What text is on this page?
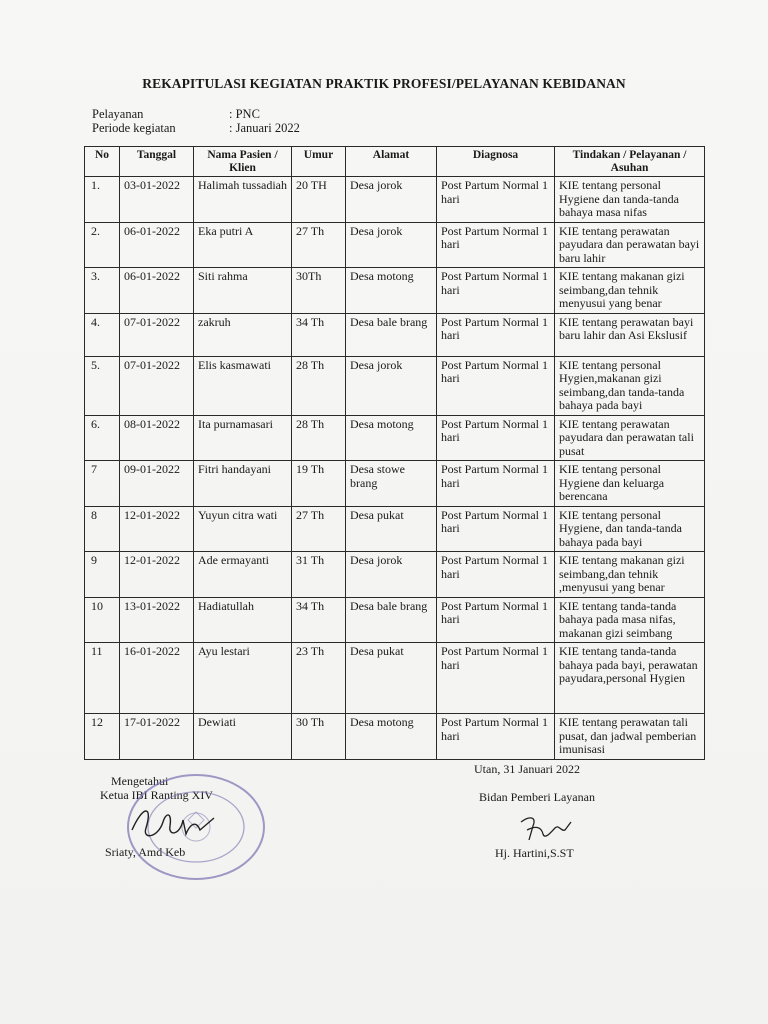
REKAPITULASI KEGIATAN PRAKTIK PROFESI/PELAYANAN KEBIDANAN
Pelayanan	: PNC
Periode kegiatan	: Januari 2022
No	Tanggal	Nama Pasien / Klien	Umur	Alamat	Diagnosa	Tindakan / Pelayanan / Asuhan
1.	03-01-2022	Halimah tussadiah	20 TH	Desa jorok	Post Partum Normal 1 hari	KIE tentang personal Hygiene dan tanda-tanda bahaya masa nifas
2.	06-01-2022	Eka putri A	27 Th	Desa jorok	Post Partum Normal 1 hari	KIE tentang perawatan payudara dan perawatan bayi baru lahir
3.	06-01-2022	Siti rahma	30Th	Desa motong	Post Partum Normal 1 hari	KIE tentang makanan gizi seimbang,dan tehnik menyusui yang benar
4.	07-01-2022	zakruh	34 Th	Desa bale brang	Post Partum Normal 1 hari	KIE tentang perawatan bayi baru lahir dan Asi Ekslusif
5.	07-01-2022	Elis kasmawati	28 Th	Desa jorok	Post Partum Normal 1 hari	KIE tentang personal Hygien,makanan gizi seimbang,dan tanda-tanda bahaya pada bayi
6.	08-01-2022	Ita purnamasari	28 Th	Desa motong	Post Partum Normal 1 hari	KIE tentang perawatan payudara dan perawatan tali pusat
7	09-01-2022	Fitri handayani	19 Th	Desa stowe brang	Post Partum Normal 1 hari	KIE tentang personal Hygiene dan keluarga berencana
8	12-01-2022	Yuyun citra wati	27 Th	Desa pukat	Post Partum Normal 1 hari	KIE tentang personal Hygiene, dan tanda-tanda bahaya pada bayi
9	12-01-2022	Ade ermayanti	31 Th	Desa jorok	Post Partum Normal 1 hari	KIE tentang makanan gizi seimbang,dan tehnik ,menyusui yang benar
10	13-01-2022	Hadiatullah	34 Th	Desa bale brang	Post Partum Normal 1 hari	KIE tentang tanda-tanda bahaya pada masa nifas, makanan gizi seimbang
11	16-01-2022	Ayu lestari	23 Th	Desa pukat	Post Partum Normal 1 hari	KIE tentang tanda-tanda bahaya pada bayi, perawatan payudara,personal Hygien
12	17-01-2022	Dewiati	30 Th	Desa motong	Post Partum Normal 1 hari	KIE tentang perawatan tali pusat, dan jadwal pemberian imunisasi
Mengetahui
Ketua IBI Ranting XIV
Sriaty, Amd Keb
Utan, 31 Januari 2022
Bidan Pemberi Layanan
Hj. Hartini,S.ST
